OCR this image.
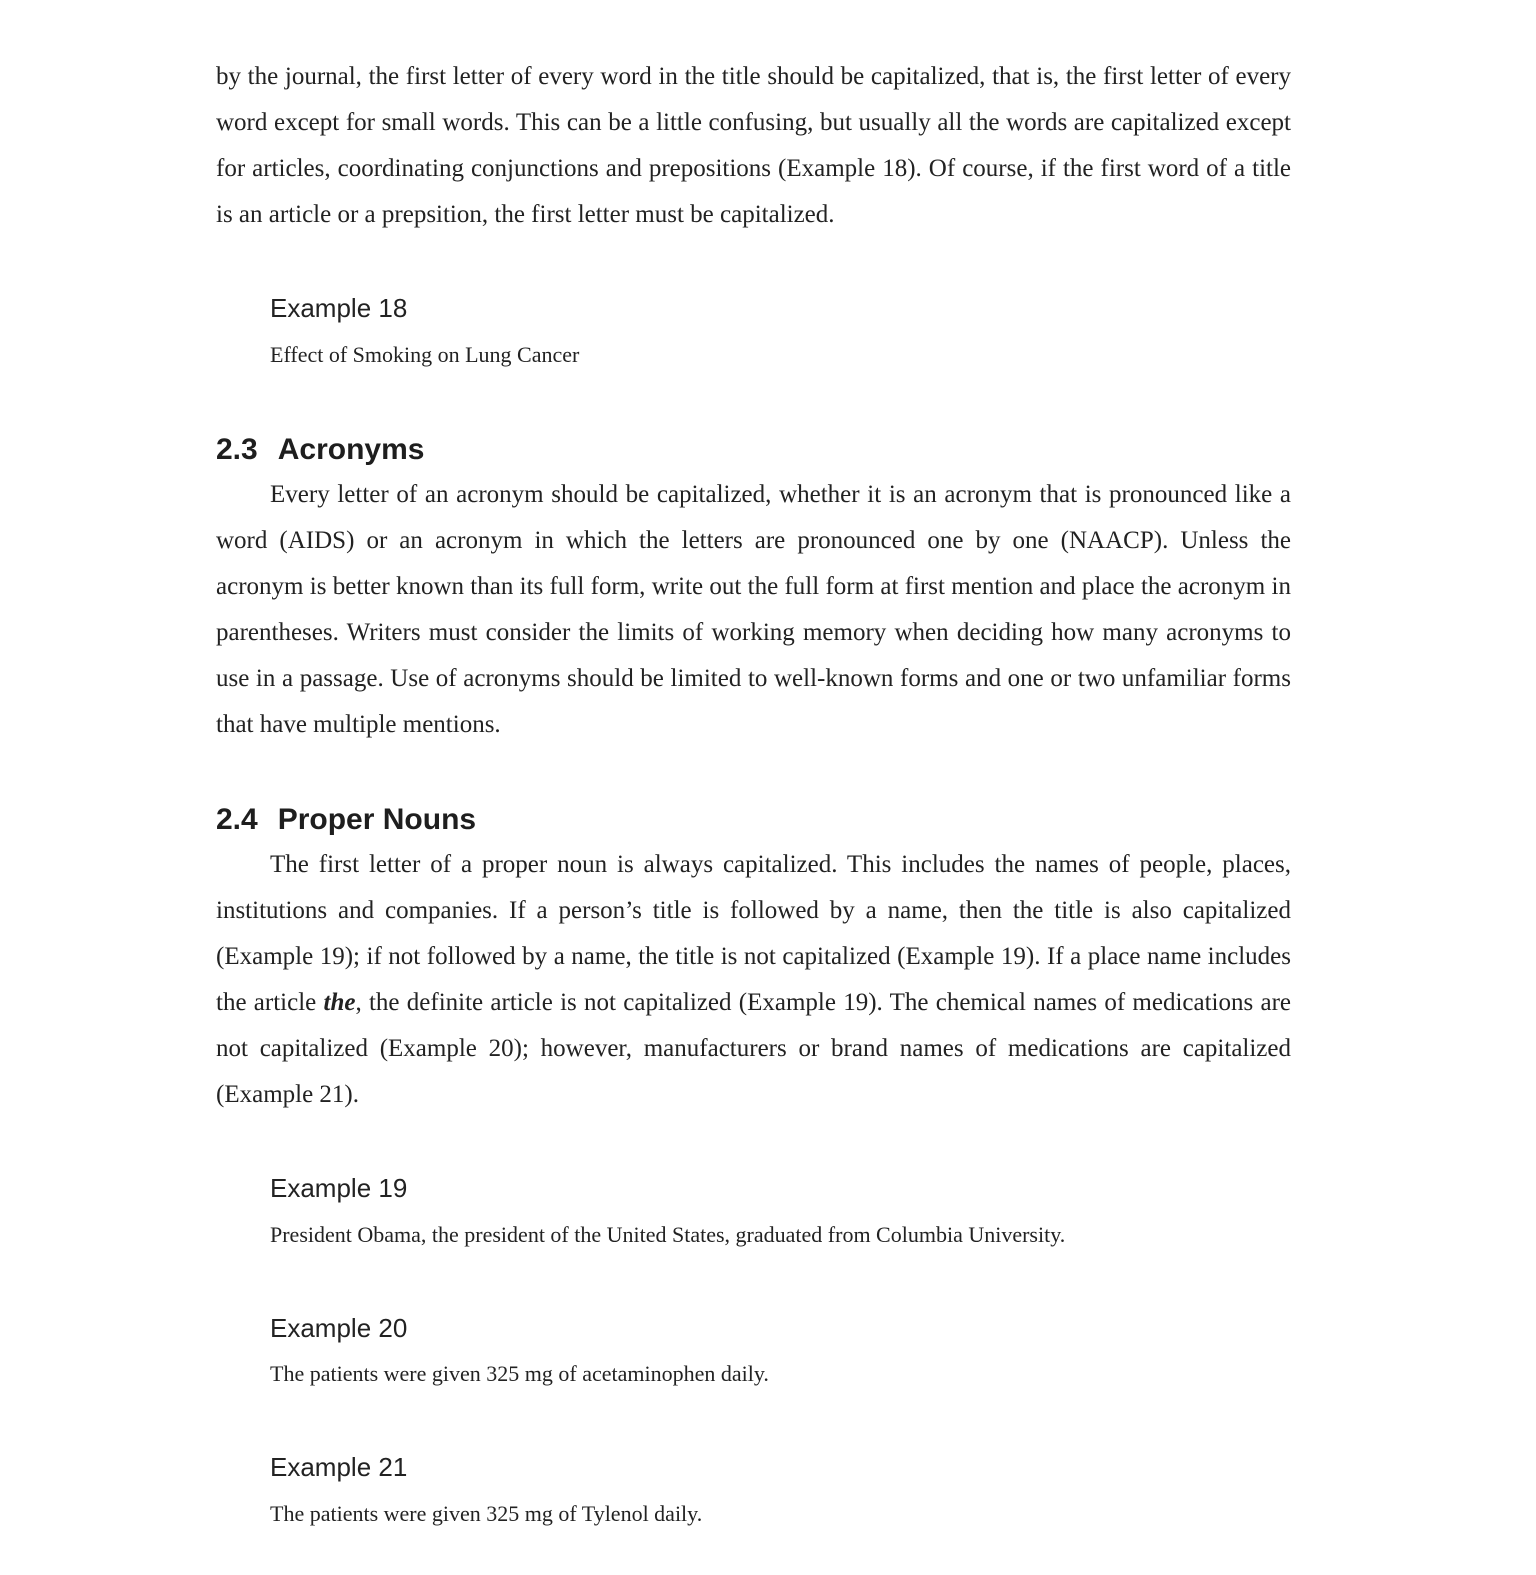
by the journal, the first letter of every word in the title should be capitalized, that is, the first letter of every word except for small words. This can be a little confusing, but usually all the words are capitalized except for articles, coordinating conjunctions and prepositions (Example 18). Of course, if the first word of a title is an article or a prepsition, the first letter must be capitalized.

Example 18

Effect of Smoking on Lung Cancer

2.3 Acronyms

Every letter of an acronym should be capitalized, whether it is an acronym that is pronounced like a word (AIDS) or an acronym in which the letters are pronounced one by one (NAACP). Unless the acronym is better known than its full form, write out the full form at first mention and place the acronym in parentheses. Writers must consider the limits of working memory when deciding how many acronyms to use in a passage. Use of acronyms should be limited to well-known forms and one or two unfamiliar forms that have multiple mentions.

2.4 Proper Nouns

The first letter of a proper noun is always capitalized. This includes the names of people, places, institutions and companies. If a person’s title is followed by a name, then the title is also capitalized (Example 19); if not followed by a name, the title is not capitalized (Example 19). If a place name includes the article the, the definite article is not capitalized (Example 19). The chemical names of medications are not capitalized (Example 20); however, manufacturers or brand names of medications are capitalized (Example 21).

Example 19

President Obama, the president of the United States, graduated from Columbia University.

Example 20

The patients were given 325 mg of acetaminophen daily.

Example 21

The patients were given 325 mg of Tylenol daily.
